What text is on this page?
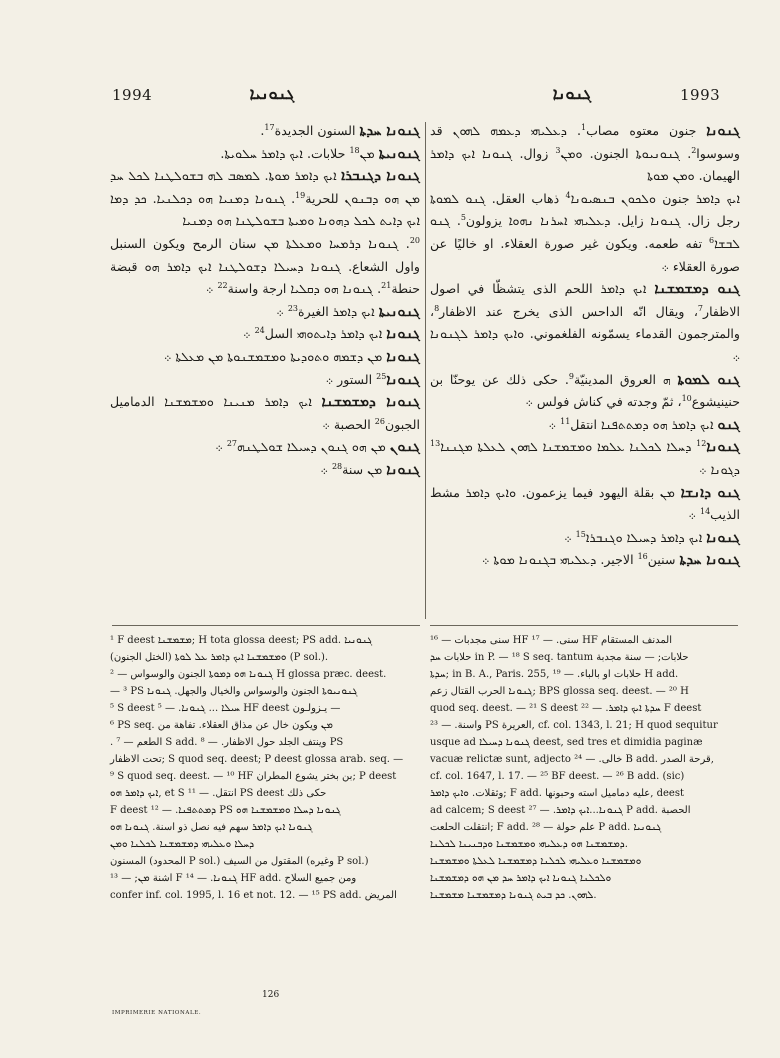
1994	ܓܢܘܢܝܐ	ܓܢܘܢܐ	1993

ܓܢܘܢܐ ܚܕܬܐ السنون الجديدة$^{17}$.

ܓܢܘܢܝܬܐ ܡܢ$^{18}$ حلابات. ܐܝܟ ܕܐܡܪ ܚܠܘܝܬܐ.

ܓܢܘܢܐ ܕܓܢܒܪܐ ܐܝܟ ܕܐܡܪ ܡܘܬܐ. ܠܡܣܒ ܠܗ ܒܫܘܠܛܢܐ ܠܟܠ ܚܕ ܡܢ ܗܘ ܕܒܢܘܢ للحرية$^{19}$. ܓܢܘܢܐ ܕܡܢܝܐ ܗܘ ܕܟܠܢܝܐ. ܟܕ ܕܡܐ ܐܝܟ ܕܐܝܬ ܠܟܠ ܕܗܘܢܐ ܘܡܝܬܐ ܒܫܘܠܛܢܐ ܗܘ ܕܡܢܝܐ

$^{20}$. ܓܢܘܢܐ ܕܪܡܚܐ ܘܡܥܠܬܐ ܡܢ سنان الرمح ويكون السنبل واول الشعاع. ܓܢܘܢܐ ܕܚܝܠܐ ܕܫܘܠܛܢܐ ܐܝܟ ܕܐܡܪ ܗܘ قبضة حنطة$^{21}$. ܓܢܘܢܐ ܗܘ ܕܩܠܝܐ ارجة واسنة$^{22}$ ܀

ܓܢܘܢܝܬܐ ܐܝܟ ܕܐܡܪ الغيرة$^{23}$ ܀

ܓܢܘܢܐ ܐܝܟ ܕܐܡܪ ܕܐܝܬܘܗܝ السل$^{24}$ ܀

ܓܢܘܢܐ ܡܢ ܕܫܡܗ ܘܬܘܕܝܬܐ ܘܡܫܡܫܢܘܬܐ ܡܢ ܡܥܠܬܐ ܀

ܓܢܘܢܐ$^{25}$ الستور ܀

ܓܢܘܢܐ ܕܡܫܡܫܢܐ ܐܝܟ ܕܐܡܪ ܡܢܝܢܐ ܘܡܫܡܫܢܐ الدماميل الجبون$^{26}$ الحصبة ܀

ܓܢܘܢ ܡܢ ܗܘ ܓܢܘܢ ܕܚܝܠܐ ܫܘܠܛܢܗ$^{27}$ ܀

ܓܢܘܢܐ ܡܢ سنة$^{28}$ ܀

ܓܢܘܢܐ جنون معتوه مصاب$^1$. ܕܥܠܝܗܝ ܕܥܡܗ ܠܗܘܢ قد وسوسوا$^2$. ܓܢܘܢܝܘܬܐ الجنون. ܘܡܢ$^3$ زوال. ܓܢܘܢܐ ܐܝܟ ܕܐܡܪ الهيمان. ܘܡܢ ܡܘܬܐ

ܐܝܟ ܕܐܡܪ جنون ܘܠܟܘܢ ܒܢܣܝܘܢܐ$^4$ ذهاب العقل. ܓܢܘ ܠܡܘܬܐ رجل زال. ܓܢܘܢܐ زايل. ܕܥܠܝܗܝ ܐܚܪܢܐ ܢܗܘܐ يزولون$^5$. ܓܢܘ ܠܒܫܐ$^6$ تفه طعمه. ويكون غير صورة العقلاء. او خاليًا عن صورة العقلاء ܀

ܓܢܘ ܕܡܫܡܫܢܐ ܐܝܟ ܕܐܡܪ اللحم الذى يتشظّا في اصول الاظفار$^7$، ويقال انّه الداحس الذى يخرج عند الاظفار$^8$، والمترجمون القدماء يسمّونه الفلغموني. ܘܐܝܟ ܕܐܡܪ ܠܓܢܘܢܐ ܀

ܓܢܘ ܠܡܘܬܐ ܗ العروق المدينيّة$^9$. حكى ذلك عن يوحنّا بن حنينيشوع$^{10}$، ثمّ وجدته في كناش فولس ܀

ܓܢܘ ܐܝܟ ܕܐܡܪ ܗܘ ܕܡܬܬܦܢܐ انتقل$^{11}$ ܀

ܓܢܘܢܐ$^{12}$ ܕܚܠܐ ܠܟܠܢܐ ܥܠܡܐ ܘܡܫܡܫܢܐ ܠܗܘܢ ܠܥܠܬܐ ܡܓܢܢܐ$^{13}$ ܕܓܘܢܐ ܀

ܓܢܘ ܕܐܢܫܐ ܡܢ بقلة اليهود فيما يزعمون. ܘܐܝܟ ܕܐܡܪ مشط الذيب$^{14}$ ܀

ܓܢܘܢܐ ܐܝܟ ܕܐܡܪ ܕܚܝܠܐ ܘܓܢܒܪܐ$^{15}$ ܀

ܓܢܘܢܐ ܚܕܬܐ سنين$^{16}$ الاجير. ܕܥܠܝܗܝ ܒܓܢܘܢܐ ܡܘܬܐ ܀

¹ F deest ܡܫܡܫܢܐ; H tota glossa deest; PS add. ܓܢܘܢܝܐ

ܘܡܫܡܫܢܐ ܐܝܟ ܕܐܡܪ ܥܠ ܠܘܬܐ (الختل الجنون) (P sol.).

ܓܢܘܢܐ ܗܘ ܕܡܘܬܐ الجنون والوسواس — ² H glossa præc. deest.

— ³ PS ܓܢܘܢܝܘܬܐ الجنون والوسواس والخيال والجهل. ܓܢܘܢܐ

⁵ S deest ܚܝܠܐ ... ܓܢܘܢܐ. — ⁵ HF deest يـزولـون —

⁶ PS seq. ܡܢ ويكون خال عن مذاق العقلاء. تفاهة من

. الطعم — ⁷ S add. وينتف الجلد حول الاظفار. — ⁸ PS

تحت الاظفار; S quod seq. deest; P deest glossa arab. seq. —

⁹ S quod seq. deest. — ¹⁰ HF بن بختر يشوع المطران; P deest

ܐܝܟ ܕܐܡܪ ܗܘ, et S انتقل. — ¹¹ PS deest حكى ذلك

F deest ܕܡܬܬܦܢܐ. — ¹² PS ܓܢܘܢܐ ܕܚܠܐ ܘܡܫܡܫܢܐ ܗܘ

ܓܢܘܢܐ ܐܝܟ ܕܐܡܪ سهم فيه نصل ذو اسنة. ܓܢܘܢܐ ܗܘ

ܕܚܠܐ ܘܥܠܝܗܝ ܕܡܫܡܫܢܐ ܠܟܠܢܐ ܘܡܢ

المسنون (المحدود P sol.) المقتول من السيف (وغيره P sol.)

اشنة ܡܢ; — ¹³ F ܓܢܘܢܐ. — ¹⁴ HF add. ومن جميع السلاح

confer inf. col. 1995, l. 16 et not. 12. — ¹⁵ PS add. المريض

سنى مجدبات — ¹⁶ HF سنى. — ¹⁷ HF المدنف المستقام

حلابات ܚܕ in P. — ¹⁸ S seq. tantum حلابات; — سنة مجدبة

ܚܕܬܐ; in B. A., Paris. 255, حلابات او بالباء. — ¹⁹ H add.

ܓܢܘܢܐ الحرب القتال زعم; BPS glossa seq. deest. — ²⁰ H

quod seq. deest. — ²¹ S deest ܚܕܬܐ ܐܝܟ ܕܐܡܪ. — ²² F deest

واسنة. — ²³ PS العريرة, cf. col. 1343, l. 21; H quod sequitur

usque ad ܓܢܘܢܐ ܕܚܝܠܐ deest, sed tres et dimidia paginæ

vacuæ relictæ sunt, adjecto خالى. — ²⁴ B add. قرحة الصدر,

cf. col. 1647, l. 17. — ²⁵ BF deest. — ²⁶ B add. (sic)

وثقلات. ܘܐܝܟ ܕܐܡܪ; F add. عليه دماميل استه وحبونها, deest

ad calcem; S deest ܓܢܘܢܐ...ܐܝܟ ܕܐܡܪ. — ²⁷ P add. الحصبة

انتقلت الحلعت; F add. علم حولة — ²⁸ P add. ܓܢܘܢܝܐ

ܕܡܫܡܫܢܐ ܗܘ ܕܥܠܝܗܝ ܘܡܫܡܫܢܐ ܘܕܒܢܝܢܐ ܠܟܠܢܐ.

ܘܡܫܡܫܢܐ ܘܥܠܝܗܝ ܠܟܠܢܐ ܕܡܫܡܫܢܐ ܠܥܠܬܐ ܘܡܫܡܫܢܐ

ܘܠܟܠܢܐ ܓܢܘܢܐ ܐܝܟ ܕܐܡܪ ܚܕ ܡܢ ܗܘ ܕܡܫܡܫܢܐ

ܠܗܘܢ. ܟܕ ܒܝܬ ܓܢܘܢܐ ܕܡܫܡܫܢܐ ܡܫܡܫܢܐ.

126
IMPRIMERIE NATIONALE.
